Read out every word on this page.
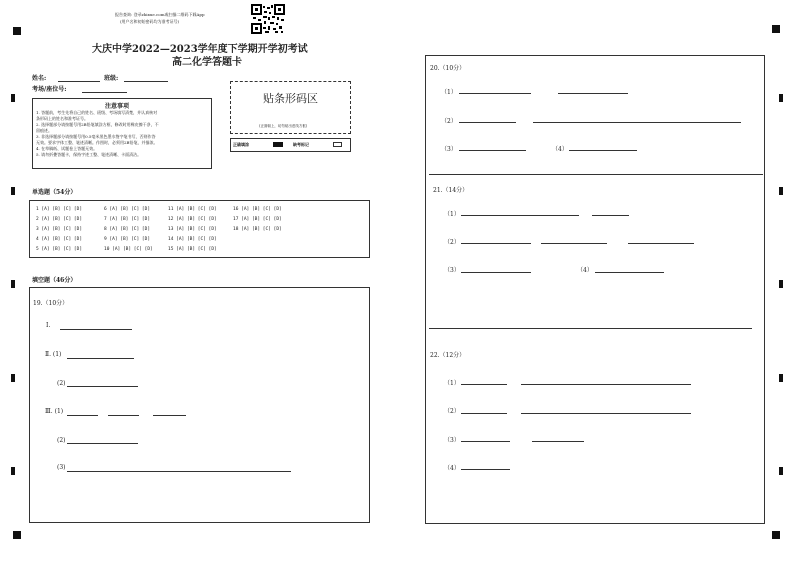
报告查询: 登录zhixue.com或扫描二维码下载App
(用户名和初始密码均为准考证号)
大庆中学2022—2023学年度下学期开学初考试
高二化学答题卡
姓名:	班级:
考场/座位号:
注意事项
1. 答题前，考生先将自己的姓名、班级、考场填写清楚，并认真核对
条形码上的姓名和准考证号。
2. 选择题部分请按题号用2B铅笔填涂方框，修改时用橡皮擦干净，不
留痕迹。
3. 非选择题部分请按题号用0.5毫米黑色墨水签字笔书写，否则作答
无效。要求字体工整、笔迹清晰。作图时，必须用2B铅笔，并描浓。
4. 在草稿纸、试题卷上答题无效。
5. 请勿折叠答题卡，保持字迹工整、笔迹清晰、卡面清洁。
贴条形码区
(正面朝上，切勿贴出虚线方框)
正确填涂	缺考标记
单选题（54分）
1 [A] [B] [C] [D]	6 [A] [B] [C] [D]	11 [A] [B] [C] [D]	16 [A] [B] [C] [D]
2 [A] [B] [C] [D]	7 [A] [B] [C] [D]	12 [A] [B] [C] [D]	17 [A] [B] [C] [D]
3 [A] [B] [C] [D]	8 [A] [B] [C] [D]	13 [A] [B] [C] [D]	18 [A] [B] [C] [D]
4 [A] [B] [C] [D]	9 [A] [B] [C] [D]	14 [A] [B] [C] [D]
5 [A] [B] [C] [D]	10 [A] [B] [C] [D]	15 [A] [B] [C] [D]
填空题（46分）
19.（10分）
Ⅰ.
Ⅱ. (1)
(2)
Ⅲ. (1)
(2)
(3)
20.（10分）
（1）
（2）
（3）	（4）
21.（14分）
（1）
（2）
（3）	（4）
22.（12分）
（1）
（2）
（3）
（4）
